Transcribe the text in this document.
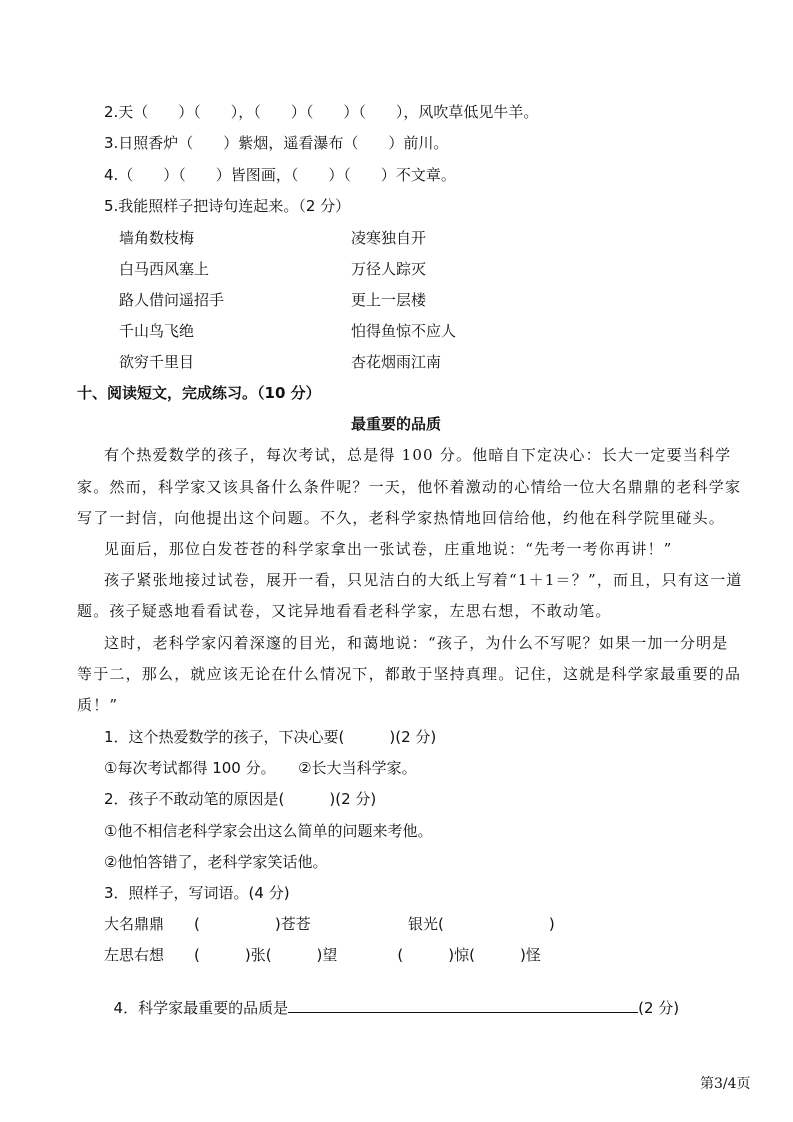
2.天（　　）（　　），（　　）（　　）（　　），风吹草低见牛羊。
3.日照香炉（　　）紫烟，遥看瀑布（　　）前川。
4.（　　）（　　）皆图画，（　　）（　　）不文章。
5.我能照样子把诗句连起来。（2 分）
墙角数枝梅
白马西风塞上
路人借问遥招手
千山鸟飞绝
欲穷千里目
凌寒独自开
万径人踪灭
更上一层楼
怕得鱼惊不应人
杏花烟雨江南
十、阅读短文，完成练习。（10 分）
最重要的品质
有个热爱数学的孩子，每次考试，总是得 100 分。他暗自下定决心：长大一定要当科学
家。然而，科学家又该具备什么条件呢？一天，他怀着激动的心情给一位大名鼎鼎的老科学家
写了一封信，向他提出这个问题。不久，老科学家热情地回信给他，约他在科学院里碰头。
见面后，那位白发苍苍的科学家拿出一张试卷，庄重地说：“先考一考你再讲！”
孩子紧张地接过试卷，展开一看，只见洁白的大纸上写着“1＋1＝？”，而且，只有这一道
题。孩子疑惑地看看试卷，又诧异地看看老科学家，左思右想，不敢动笔。
这时，老科学家闪着深邃的目光，和蔼地说：“孩子，为什么不写呢？如果一加一分明是
等于二，那么，就应该无论在什么情况下，都敢于坚持真理。记住，这就是科学家最重要的品
质！”
1．这个热爱数学的孩子，下决心要(　　　)(2 分)
①每次考试都得 100 分。　　②长大当科学家。
2．孩子不敢动笔的原因是(　　　)(2 分)
①他不相信老科学家会出这么简单的问题来考他。
②他怕答错了，老科学家笑话他。
3．照样子，写词语。(4 分)
大名鼎鼎　　(　　　　　)苍苍	银光(　　　　　　　)
左思右想　　(　　　)张(　　　)望　　　　(　　　)惊(　　　)怪

4．科学家最重要的品质是	(2 分)

第3/4页
